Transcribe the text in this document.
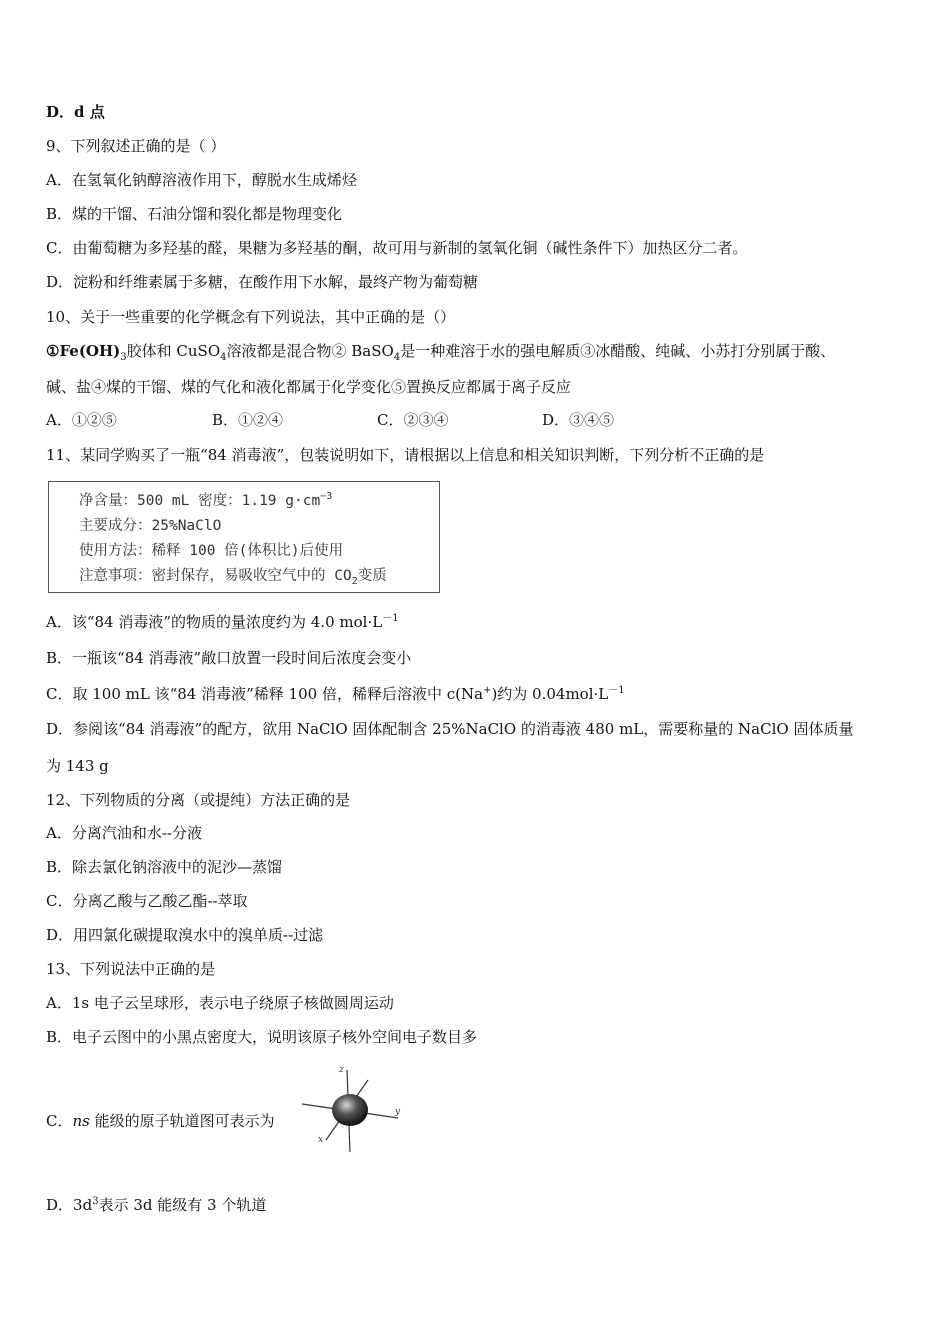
D．d 点
9、下列叙述正确的是（ ）
A．在氢氧化钠醇溶液作用下，醇脱水生成烯烃
B．煤的干馏、石油分馏和裂化都是物理变化
C．由葡萄糖为多羟基的醛，果糖为多羟基的酮，故可用与新制的氢氧化铜（碱性条件下）加热区分二者。
D．淀粉和纤维素属于多糖，在酸作用下水解，最终产物为葡萄糖
10、关于一些重要的化学概念有下列说法，其中正确的是（）
$①Fe(OH)_3$胶体和 CuSO$_4$溶液都是混合物② BaSO$_4$是一种难溶于水的强电解质③冰醋酸、纯碱、小苏打分别属于酸、
碱、盐④煤的干馏、煤的气化和液化都属于化学变化⑤置换反应都属于离子反应
A．①②⑤	B．①②④	C．②③④	D．③④⑤
11、某同学购买了一瓶“84 消毒液”，包装说明如下，请根据以上信息和相关知识判断，下列分析不正确的是
净含量：500 mL 密度：1.19 $g\cdot cm^{-3}$
主要成分：25%NaClO
使用方法：稀释 100 倍(体积比)后使用
注意事项：密封保存，易吸收空气中的 $CO_2$变质
A．该“84 消毒液”的物质的量浓度约为 4.0 $mol\cdot L^{-1}$
B．一瓶该“84 消毒液”敞口放置一段时间后浓度会变小
C．取 100 mL 该“84 消毒液”稀释 100 倍，稀释后溶液中 c(Na+)约为 $0.04mol\cdot L^{-1}$
D．参阅该“84 消毒液”的配方，欲用 NaClO 固体配制含 25%NaClO 的消毒液 480 mL，需要称量的 NaClO 固体质量
为 143 g
12、下列物质的分离（或提纯）方法正确的是
A．分离汽油和水--分液
B．除去氯化钠溶液中的泥沙—蒸馏
C．分离乙酸与乙酸乙酯--萃取
D．用四氯化碳提取溴水中的溴单质--过滤
13、下列说法中正确的是
A．1s 电子云呈球形，表示电子绕原子核做圆周运动
B．电子云图中的小黑点密度大，说明该原子核外空间电子数目多
C．ns 能级的原子轨道图可表示为
z
y
x
D．$3d^3$表示 3d 能级有 3 个轨道
